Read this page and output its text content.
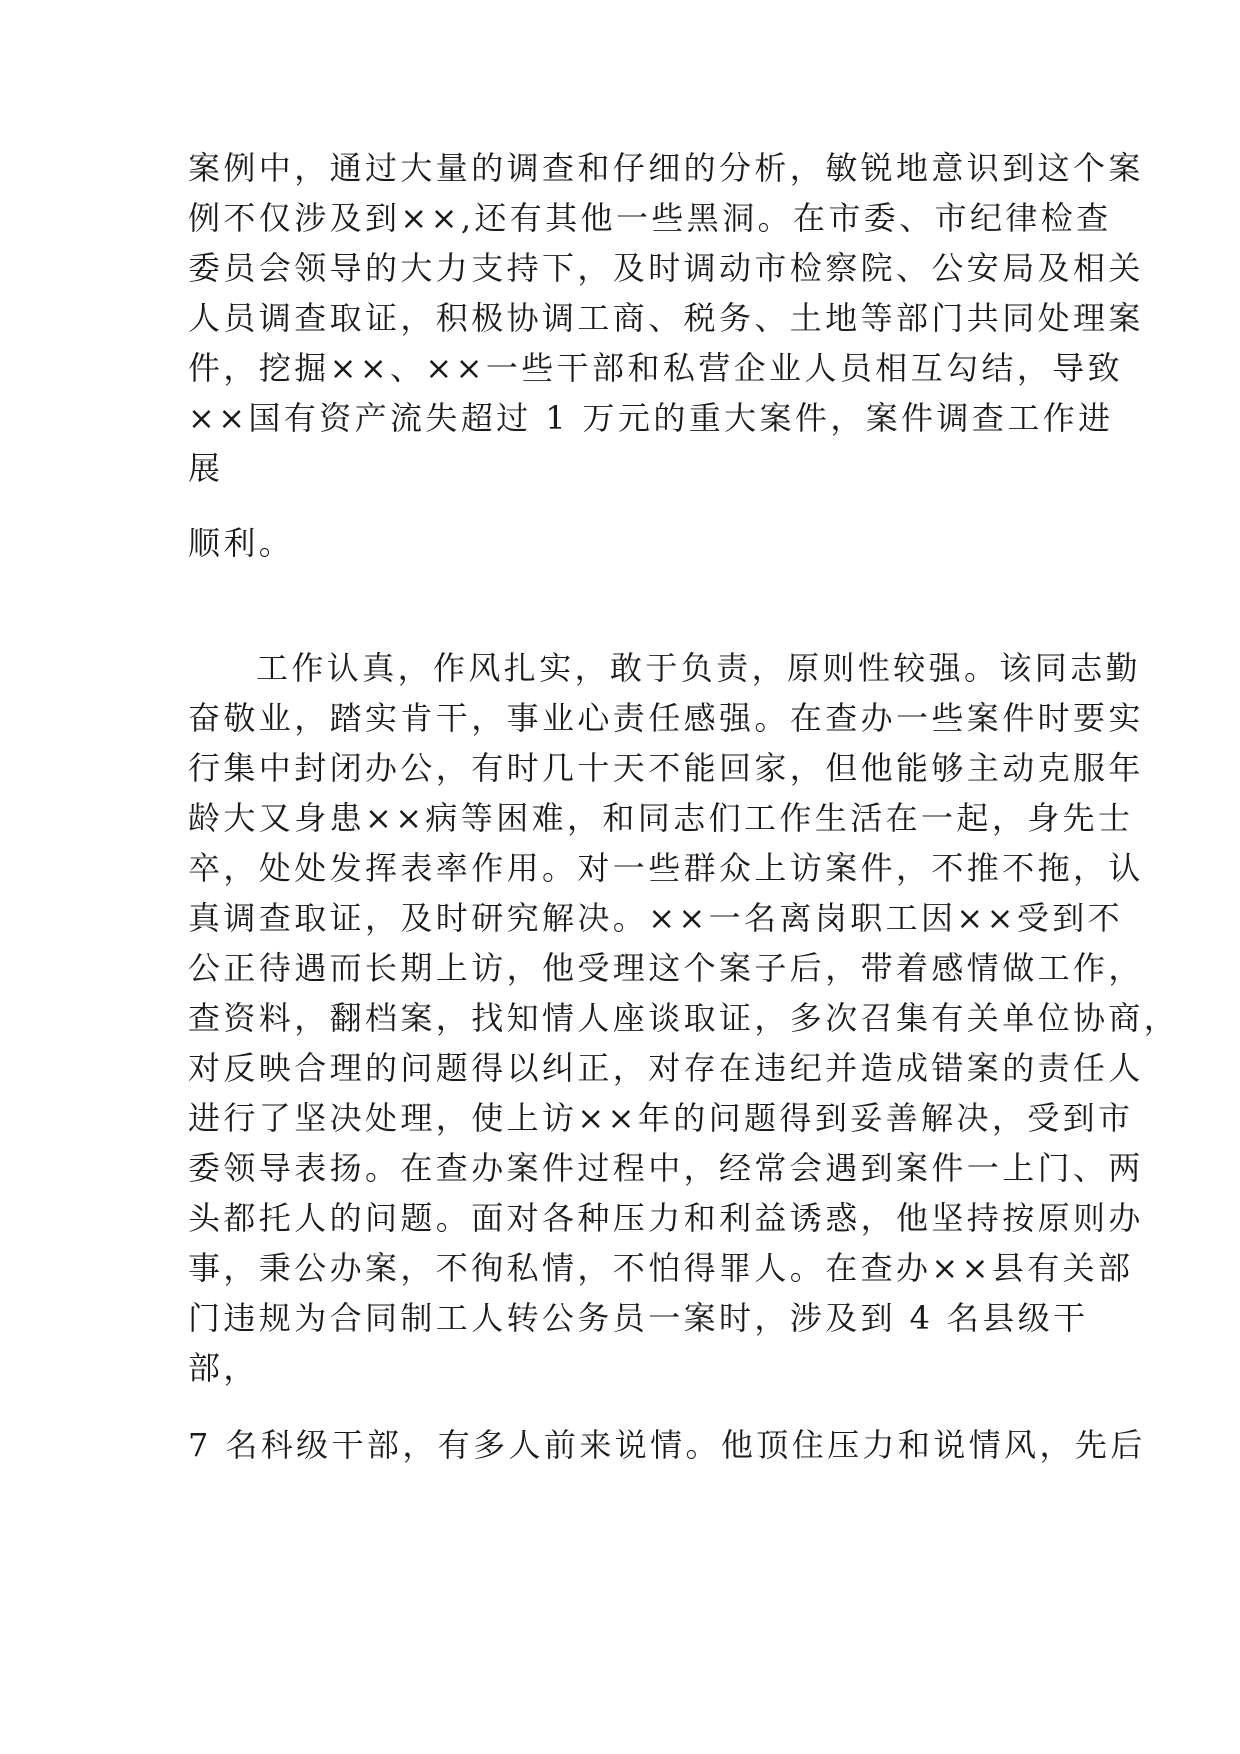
案例中，通过大量的调查和仔细的分析，敏锐地意识到这个案
例不仅涉及到××,还有其他一些黑洞。在市委、市纪律检查
委员会领导的大力支持下，及时调动市检察院、公安局及相关
人员调查取证，积极协调工商、税务、土地等部门共同处理案
件，挖掘××、××一些干部和私营企业人员相互勾结，导致
××国有资产流失超过 1 万元的重大案件，案件调查工作进
展
顺利。
工作认真，作风扎实，敢于负责，原则性较强。该同志勤
奋敬业，踏实肯干，事业心责任感强。在查办一些案件时要实
行集中封闭办公，有时几十天不能回家，但他能够主动克服年
龄大又身患××病等困难，和同志们工作生活在一起，身先士
卒，处处发挥表率作用。对一些群众上访案件，不推不拖，认
真调查取证，及时研究解决。××一名离岗职工因××受到不
公正待遇而长期上访，他受理这个案子后，带着感情做工作，
查资料，翻档案，找知情人座谈取证，多次召集有关单位协商，
对反映合理的问题得以纠正，对存在违纪并造成错案的责任人
进行了坚决处理，使上访××年的问题得到妥善解决，受到市
委领导表扬。在查办案件过程中，经常会遇到案件一上门、两
头都托人的问题。面对各种压力和利益诱惑，他坚持按原则办
事，秉公办案，不徇私情，不怕得罪人。在查办××县有关部
门违规为合同制工人转公务员一案时，涉及到 4 名县级干
部，
7 名科级干部，有多人前来说情。他顶住压力和说情风，先后
